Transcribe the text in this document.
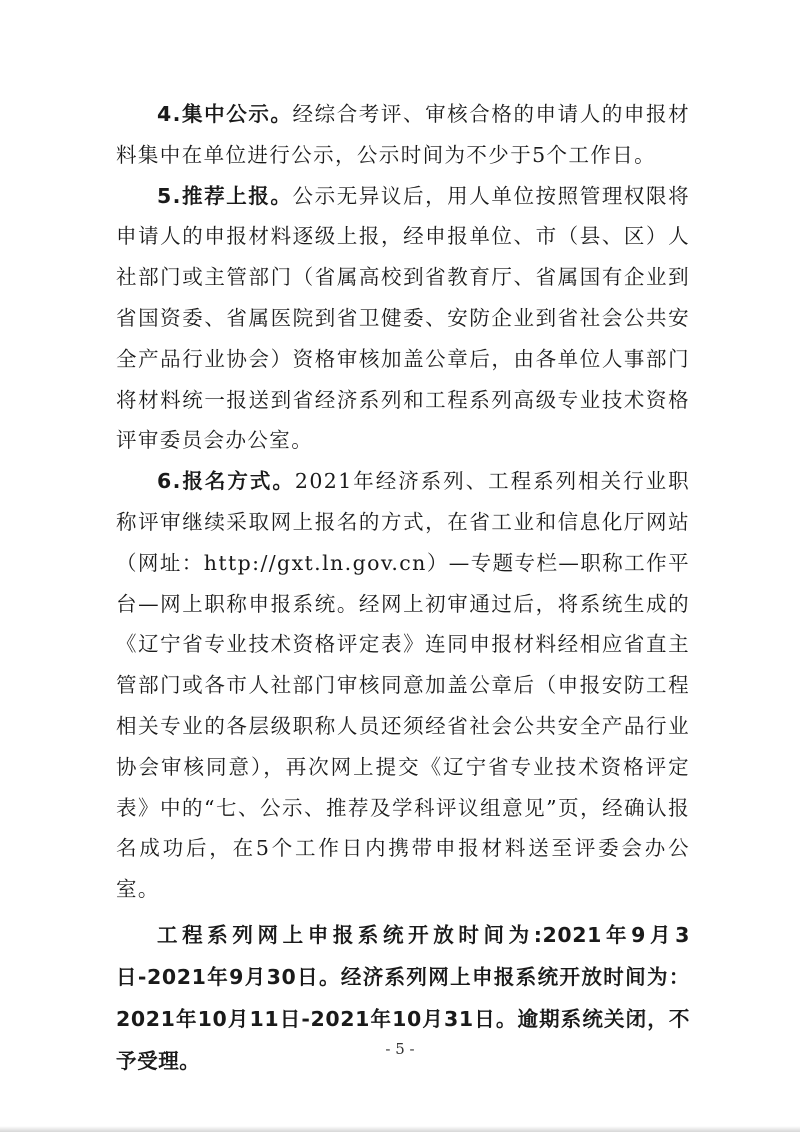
4.集中公示。经综合考评、审核合格的申请人的申报材料集中在单位进行公示，公示时间为不少于5个工作日。

5.推荐上报。公示无异议后，用人单位按照管理权限将申请人的申报材料逐级上报，经申报单位、市（县、区）人社部门或主管部门（省属高校到省教育厅、省属国有企业到省国资委、省属医院到省卫健委、安防企业到省社会公共安全产品行业协会）资格审核加盖公章后，由各单位人事部门将材料统一报送到省经济系列和工程系列高级专业技术资格评审委员会办公室。

6.报名方式。2021年经济系列、工程系列相关行业职称评审继续采取网上报名的方式，在省工业和信息化厅网站（网址：http://gxt.ln.gov.cn）—专题专栏—职称工作平台—网上职称申报系统。经网上初审通过后，将系统生成的《辽宁省专业技术资格评定表》连同申报材料经相应省直主管部门或各市人社部门审核同意加盖公章后（申报安防工程相关专业的各层级职称人员还须经省社会公共安全产品行业协会审核同意），再次网上提交《辽宁省专业技术资格评定表》中的“七、公示、推荐及学科评议组意见”页，经确认报名成功后，在5个工作日内携带申报材料送至评委会办公室。

工程系列网上申报系统开放时间为:2021年9月3日-2021年9月30日。经济系列网上申报系统开放时间为：2021年10月11日-2021年10月31日。逾期系统关闭，不予受理。	- 5 -
